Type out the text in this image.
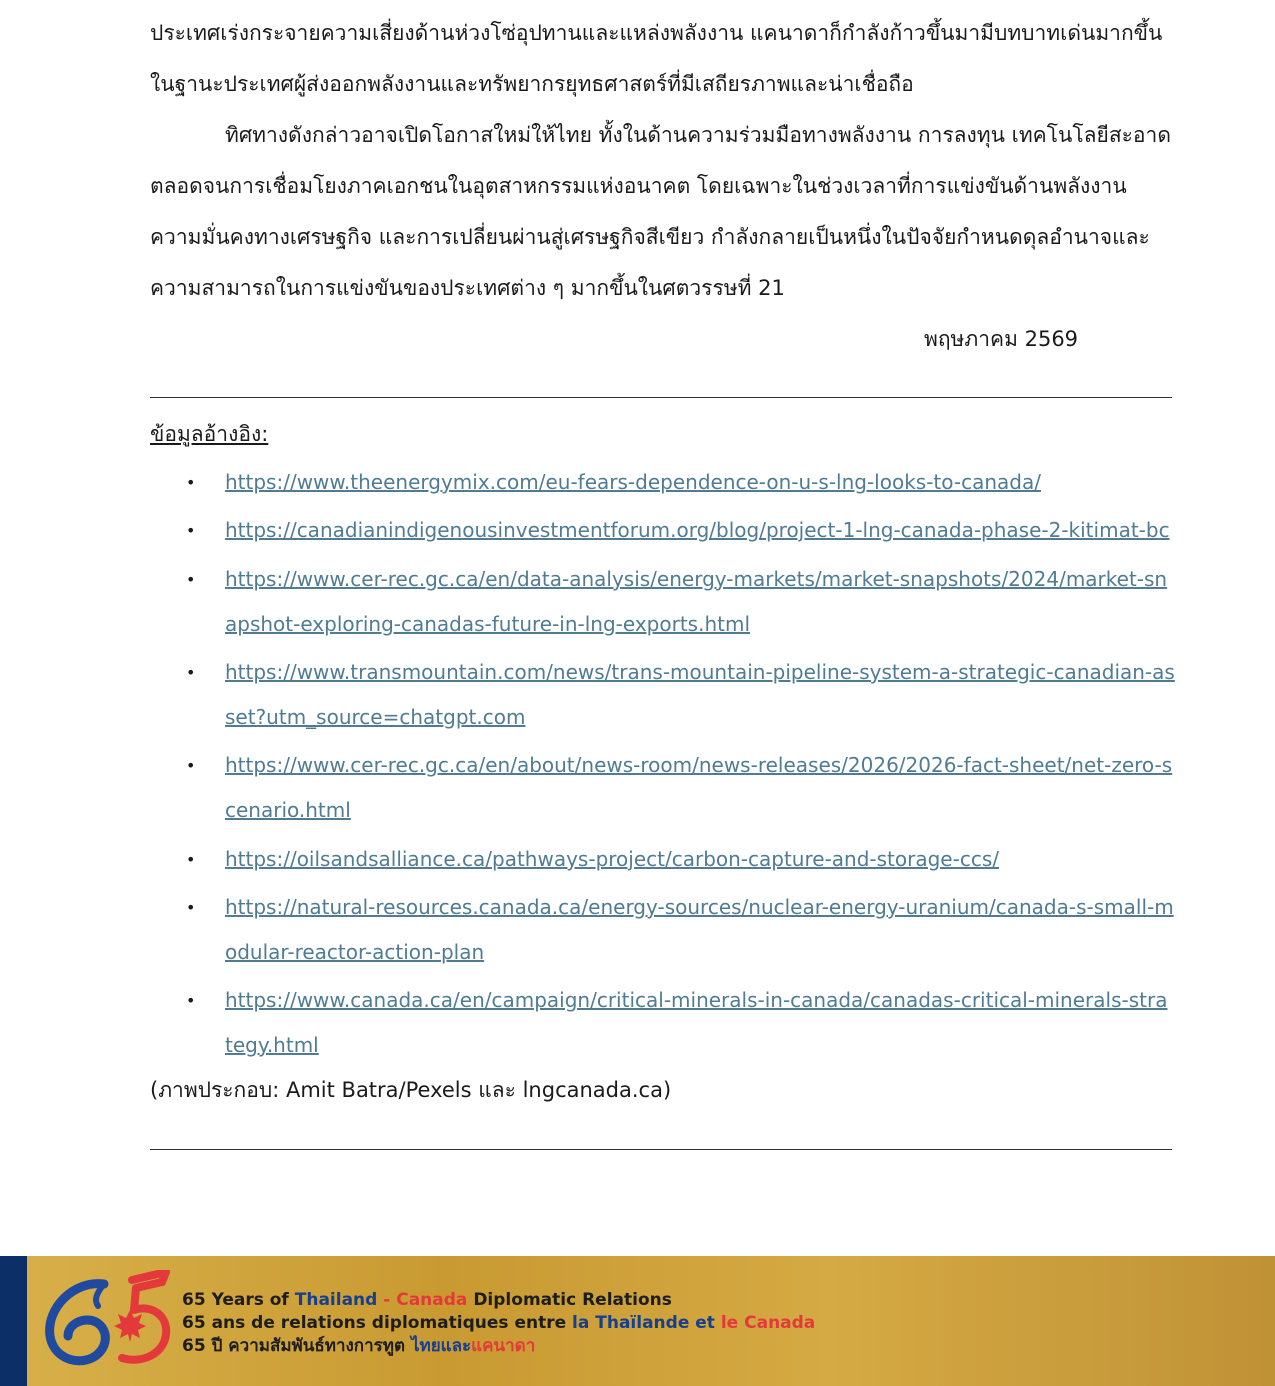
ประเทศเร่งกระจายความเสี่ยงด้านห่วงโซ่อุปทานและแหล่งพลังงาน แคนาดาก็กำลังก้าวขึ้นมามีบทบาทเด่นมากขึ้น
ในฐานะประเทศผู้ส่งออกพลังงานและทรัพยากรยุทธศาสตร์ที่มีเสถียรภาพและน่าเชื่อถือ
ทิศทางดังกล่าวอาจเปิดโอกาสใหม่ให้ไทย ทั้งในด้านความร่วมมือทางพลังงาน การลงทุน เทคโนโลยีสะอาด
ตลอดจนการเชื่อมโยงภาคเอกชนในอุตสาหกรรมแห่งอนาคต โดยเฉพาะในช่วงเวลาที่การแข่งขันด้านพลังงาน
ความมั่นคงทางเศรษฐกิจ และการเปลี่ยนผ่านสู่เศรษฐกิจสีเขียว กำลังกลายเป็นหนึ่งในปัจจัยกำหนดดุลอำนาจและ
ความสามารถในการแข่งขันของประเทศต่าง ๆ มากขึ้นในศตวรรษที่ 21
พฤษภาคม 2569
ข้อมูลอ้างอิง:
• https://www.theenergymix.com/eu-fears-dependence-on-u-s-lng-looks-to-canada/
• https://canadianindigenousinvestmentforum.org/blog/project-1-lng-canada-phase-2-kitimat-bc
• https://www.cer-rec.gc.ca/en/data-analysis/energy-markets/market-snapshots/2024/market-snapshot-exploring-canadas-future-in-lng-exports.html
• https://www.transmountain.com/news/trans-mountain-pipeline-system-a-strategic-canadian-asset?utm_source=chatgpt.com
• https://www.cer-rec.gc.ca/en/about/news-room/news-releases/2026/2026-fact-sheet/net-zero-scenario.html
• https://oilsandsalliance.ca/pathways-project/carbon-capture-and-storage-ccs/
• https://natural-resources.canada.ca/energy-sources/nuclear-energy-uranium/canada-s-small-modular-reactor-action-plan
• https://www.canada.ca/en/campaign/critical-minerals-in-canada/canadas-critical-minerals-strategy.html
(ภาพประกอบ: Amit Batra/Pexels และ lngcanada.ca)
65 Years of Thailand - Canada Diplomatic Relations
65 ans de relations diplomatiques entre la Thaïlande et le Canada
65 ปี ความสัมพันธ์ทางการทูต ไทยและแคนาดา
